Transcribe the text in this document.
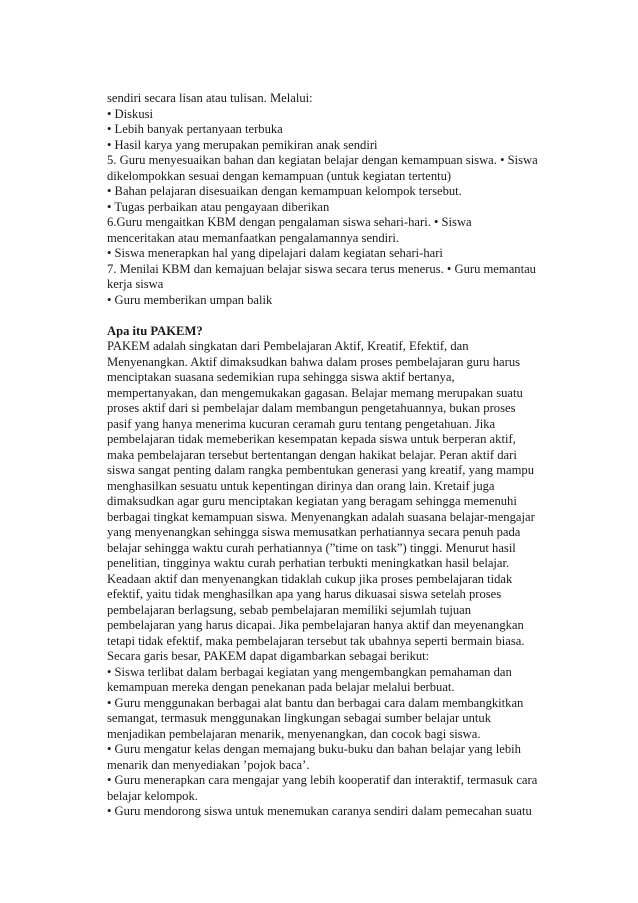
sendiri secara lisan atau tulisan. Melalui:

• Diskusi

• Lebih banyak pertanyaan terbuka

• Hasil karya yang merupakan pemikiran anak sendiri

5. Guru menyesuaikan bahan dan kegiatan belajar dengan kemampuan siswa. • Siswa

dikelompokkan sesuai dengan kemampuan (untuk kegiatan tertentu)

• Bahan pelajaran disesuaikan dengan kemampuan kelompok tersebut.

• Tugas perbaikan atau pengayaan diberikan

6.Guru mengaitkan KBM dengan pengalaman siswa sehari-hari. • Siswa

menceritakan atau memanfaatkan pengalamannya sendiri.

• Siswa menerapkan hal yang dipelajari dalam kegiatan sehari-hari

7. Menilai KBM dan kemajuan belajar siswa secara terus menerus. • Guru memantau

kerja siswa

• Guru memberikan umpan balik

Apa itu PAKEM?

PAKEM adalah singkatan dari Pembelajaran Aktif, Kreatif, Efektif, dan

Menyenangkan. Aktif dimaksudkan bahwa dalam proses pembelajaran guru harus

menciptakan suasana sedemikian rupa sehingga siswa aktif bertanya,

mempertanyakan, dan mengemukakan gagasan. Belajar memang merupakan suatu

proses aktif dari si pembelajar dalam membangun pengetahuannya, bukan proses

pasif yang hanya menerima kucuran ceramah guru tentang pengetahuan. Jika

pembelajaran tidak memeberikan kesempatan kepada siswa untuk berperan aktif,

maka pembelajaran tersebut bertentangan dengan hakikat belajar. Peran aktif dari

siswa sangat penting dalam rangka pembentukan generasi yang kreatif, yang mampu

menghasilkan sesuatu untuk kepentingan dirinya dan orang lain. Kretaif juga

dimaksudkan agar guru menciptakan kegiatan yang beragam sehingga memenuhi

berbagai tingkat kemampuan siswa. Menyenangkan adalah suasana belajar-mengajar

yang menyenangkan sehingga siswa memusatkan perhatiannya secara penuh pada

belajar sehingga waktu curah perhatiannya (”time on task”) tinggi. Menurut hasil

penelitian, tingginya waktu curah perhatian terbukti meningkatkan hasil belajar.

Keadaan aktif dan menyenangkan tidaklah cukup jika proses pembelajaran tidak

efektif, yaitu tidak menghasilkan apa yang harus dikuasai siswa setelah proses

pembelajaran berlagsung, sebab pembelajaran memiliki sejumlah tujuan

pembelajaran yang harus dicapai. Jika pembelajaran hanya aktif dan meyenangkan

tetapi tidak efektif, maka pembelajaran tersebut tak ubahnya seperti bermain biasa.

Secara garis besar, PAKEM dapat digambarkan sebagai berikut:

• Siswa terlibat dalam berbagai kegiatan yang mengembangkan pemahaman dan

kemampuan mereka dengan penekanan pada belajar melalui berbuat.

• Guru menggunakan berbagai alat bantu dan berbagai cara dalam membangkitkan

semangat, termasuk menggunakan lingkungan sebagai sumber belajar untuk

menjadikan pembelajaran menarik, menyenangkan, dan cocok bagi siswa.

• Guru mengatur kelas dengan memajang buku-buku dan bahan belajar yang lebih

menarik dan menyediakan ’pojok baca’.

• Guru menerapkan cara mengajar yang lebih kooperatif dan interaktif, termasuk cara

belajar kelompok.

• Guru mendorong siswa untuk menemukan caranya sendiri dalam pemecahan suatu
